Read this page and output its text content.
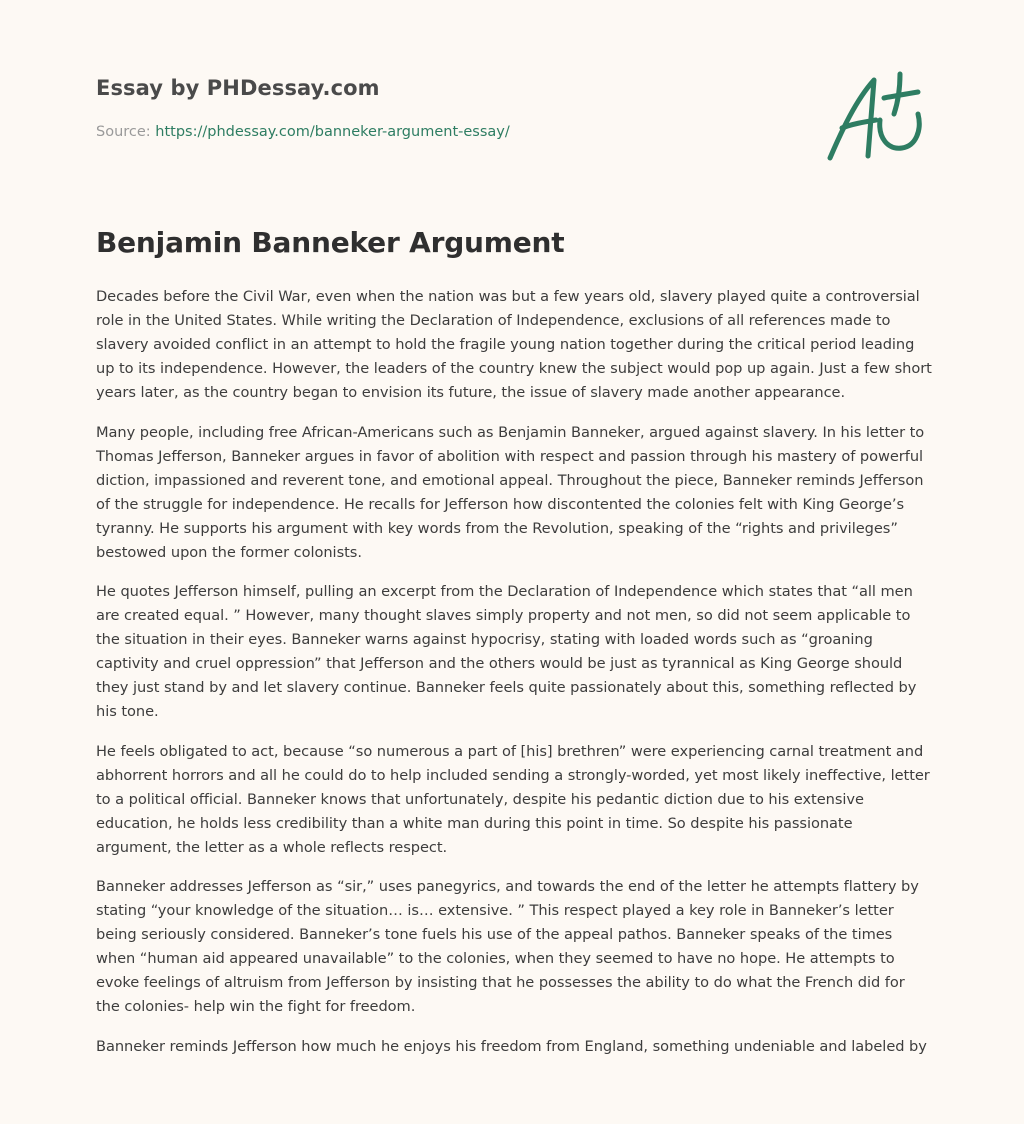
Essay by PHDessay.com
Source: https://phdessay.com/banneker-argument-essay/
Benjamin Banneker Argument

Decades before the Civil War, even when the nation was but a few years old, slavery played quite a controversial role in the United States. While writing the Declaration of Independence, exclusions of all references made to slavery avoided conflict in an attempt to hold the fragile young nation together during the critical period leading up to its independence. However, the leaders of the country knew the subject would pop up again. Just a few short years later, as the country began to envision its future, the issue of slavery made another appearance.

Many people, including free African-Americans such as Benjamin Banneker, argued against slavery. In his letter to Thomas Jefferson, Banneker argues in favor of abolition with respect and passion through his mastery of powerful diction, impassioned and reverent tone, and emotional appeal. Throughout the piece, Banneker reminds Jefferson of the struggle for independence. He recalls for Jefferson how discontented the colonies felt with King George’s tyranny. He supports his argument with key words from the Revolution, speaking of the “rights and privileges” bestowed upon the former colonists.

He quotes Jefferson himself, pulling an excerpt from the Declaration of Independence which states that “all men are created equal. ” However, many thought slaves simply property and not men, so did not seem applicable to the situation in their eyes. Banneker warns against hypocrisy, stating with loaded words such as “groaning captivity and cruel oppression” that Jefferson and the others would be just as tyrannical as King George should they just stand by and let slavery continue. Banneker feels quite passionately about this, something reflected by his tone.

He feels obligated to act, because “so numerous a part of [his] brethren” were experiencing carnal treatment and abhorrent horrors and all he could do to help included sending a strongly-worded, yet most likely ineffective, letter to a political official. Banneker knows that unfortunately, despite his pedantic diction due to his extensive education, he holds less credibility than a white man during this point in time. So despite his passionate argument, the letter as a whole reflects respect.

Banneker addresses Jefferson as “sir,” uses panegyrics, and towards the end of the letter he attempts flattery by stating “your knowledge of the situation… is… extensive. ” This respect played a key role in Banneker’s letter being seriously considered. Banneker’s tone fuels his use of the appeal pathos. Banneker speaks of the times when “human aid appeared unavailable” to the colonies, when they seemed to have no hope. He attempts to evoke feelings of altruism from Jefferson by insisting that he possesses the ability to do what the French did for the colonies- help win the fight for freedom.

Banneker reminds Jefferson how much he enjoys his freedom from England, something undeniable and labeled by
